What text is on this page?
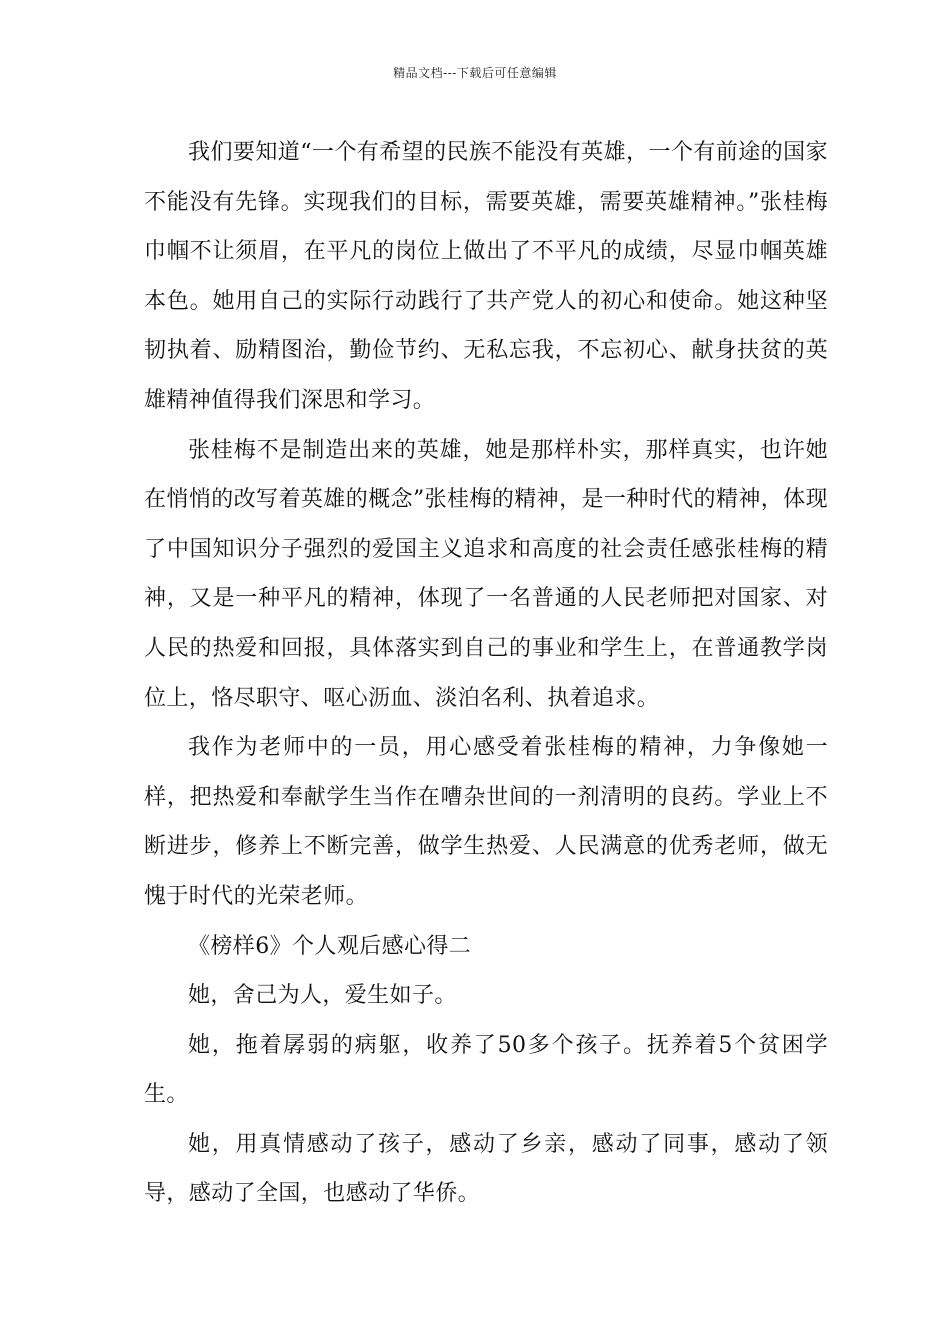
精品文档---下载后可任意编辑

我们要知道“一个有希望的民族不能没有英雄，一个有前途的国家不能没有先锋。实现我们的目标，需要英雄，需要英雄精神。”张桂梅巾帼不让须眉，在平凡的岗位上做出了不平凡的成绩，尽显巾帼英雄本色。她用自己的实际行动践行了共产党人的初心和使命。她这种坚韧执着、励精图治，勤俭节约、无私忘我，不忘初心、献身扶贫的英雄精神值得我们深思和学习。

张桂梅不是制造出来的英雄，她是那样朴实，那样真实，也许她在悄悄的改写着英雄的概念”张桂梅的精神，是一种时代的精神，体现了中国知识分子强烈的爱国主义追求和高度的社会责任感张桂梅的精神，又是一种平凡的精神，体现了一名普通的人民老师把对国家、对人民的热爱和回报，具体落实到自己的事业和学生上，在普通教学岗位上，恪尽职守、呕心沥血、淡泊名利、执着追求。

我作为老师中的一员，用心感受着张桂梅的精神，力争像她一样，把热爱和奉献学生当作在嘈杂世间的一剂清明的良药。学业上不断进步，修养上不断完善，做学生热爱、人民满意的优秀老师，做无愧于时代的光荣老师。

《榜样6》个人观后感心得二

她，舍己为人，爱生如子。

她，拖着孱弱的病躯，收养了50多个孩子。抚养着5个贫困学生。

她，用真情感动了孩子，感动了乡亲，感动了同事，感动了领导，感动了全国，也感动了华侨。
